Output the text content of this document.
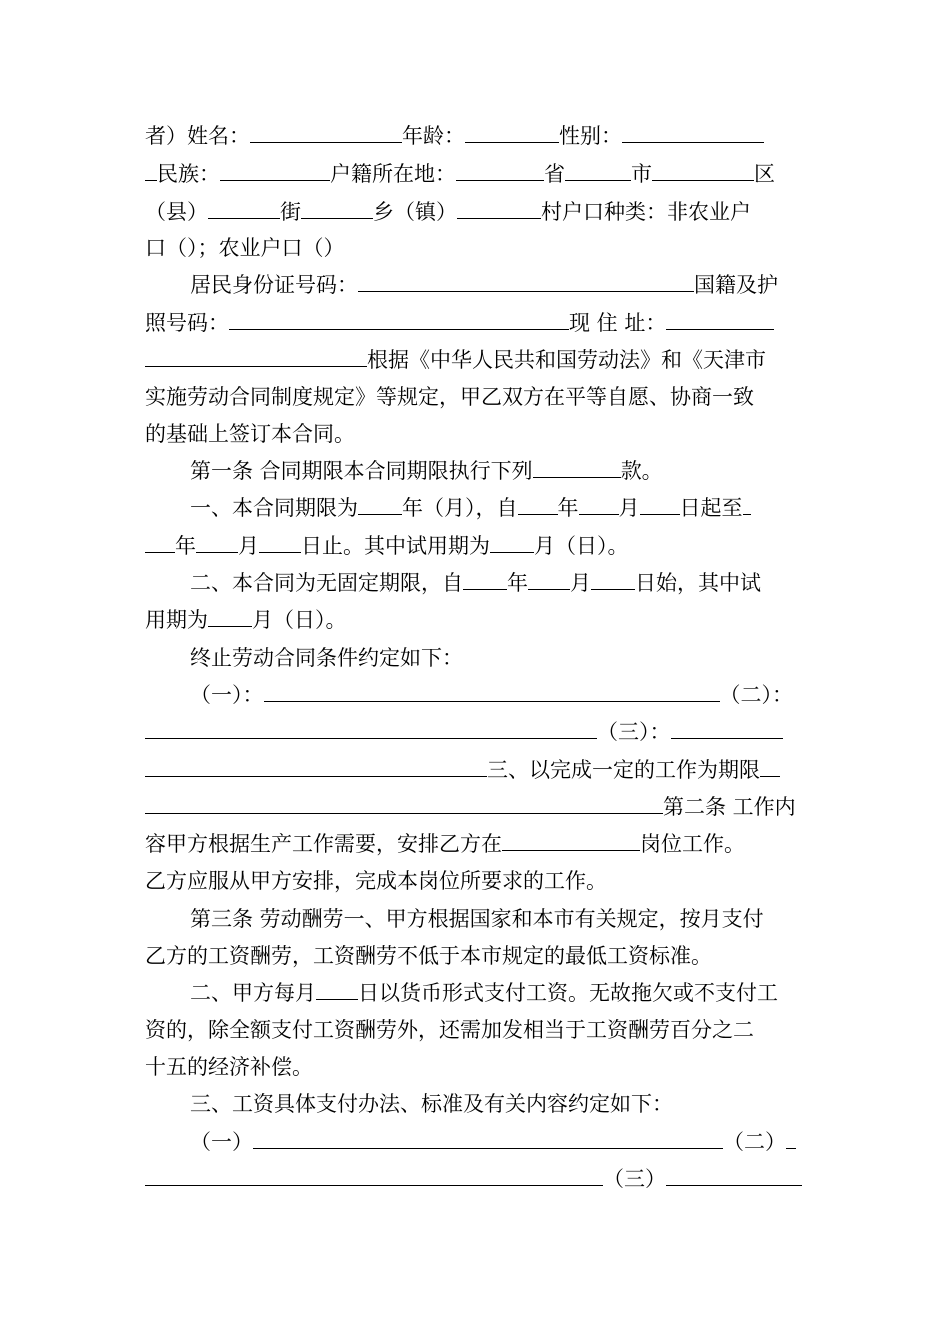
者）姓名：	年龄：	性别：
民族：	户籍所在地：	省	市	区
（县）	街	乡（镇）	村户口种类：非农业户
口（）；农业户口（）
居民身份证号码：	国籍及护
照号码：	现 住 址：
根据《中华人民共和国劳动法》和《天津市
实施劳动合同制度规定》等规定，甲乙双方在平等自愿、协商一致
的基础上签订本合同。
第一条 合同期限本合同期限执行下列	款。
一、本合同期限为 年（月），自 年 月 日起至
年 月 日止。其中试用期为 月（日）。
二、本合同为无固定期限，自 年 月 日始，其中试
用期为 月（日）。
终止劳动合同条件约定如下：
（一）：	（二）：
（三）：
三、以完成一定的工作为期限
第二条 工作内
容甲方根据生产工作需要，安排乙方在	岗位工作。
乙方应服从甲方安排，完成本岗位所要求的工作。
第三条 劳动酬劳一、甲方根据国家和本市有关规定，按月支付
乙方的工资酬劳，工资酬劳不低于本市规定的最低工资标准。
二、甲方每月 日以货币形式支付工资。无故拖欠或不支付工
资的，除全额支付工资酬劳外，还需加发相当于工资酬劳百分之二
十五的经济补偿。
三、工资具体支付办法、标准及有关内容约定如下：
（一）	（二）
（三）
